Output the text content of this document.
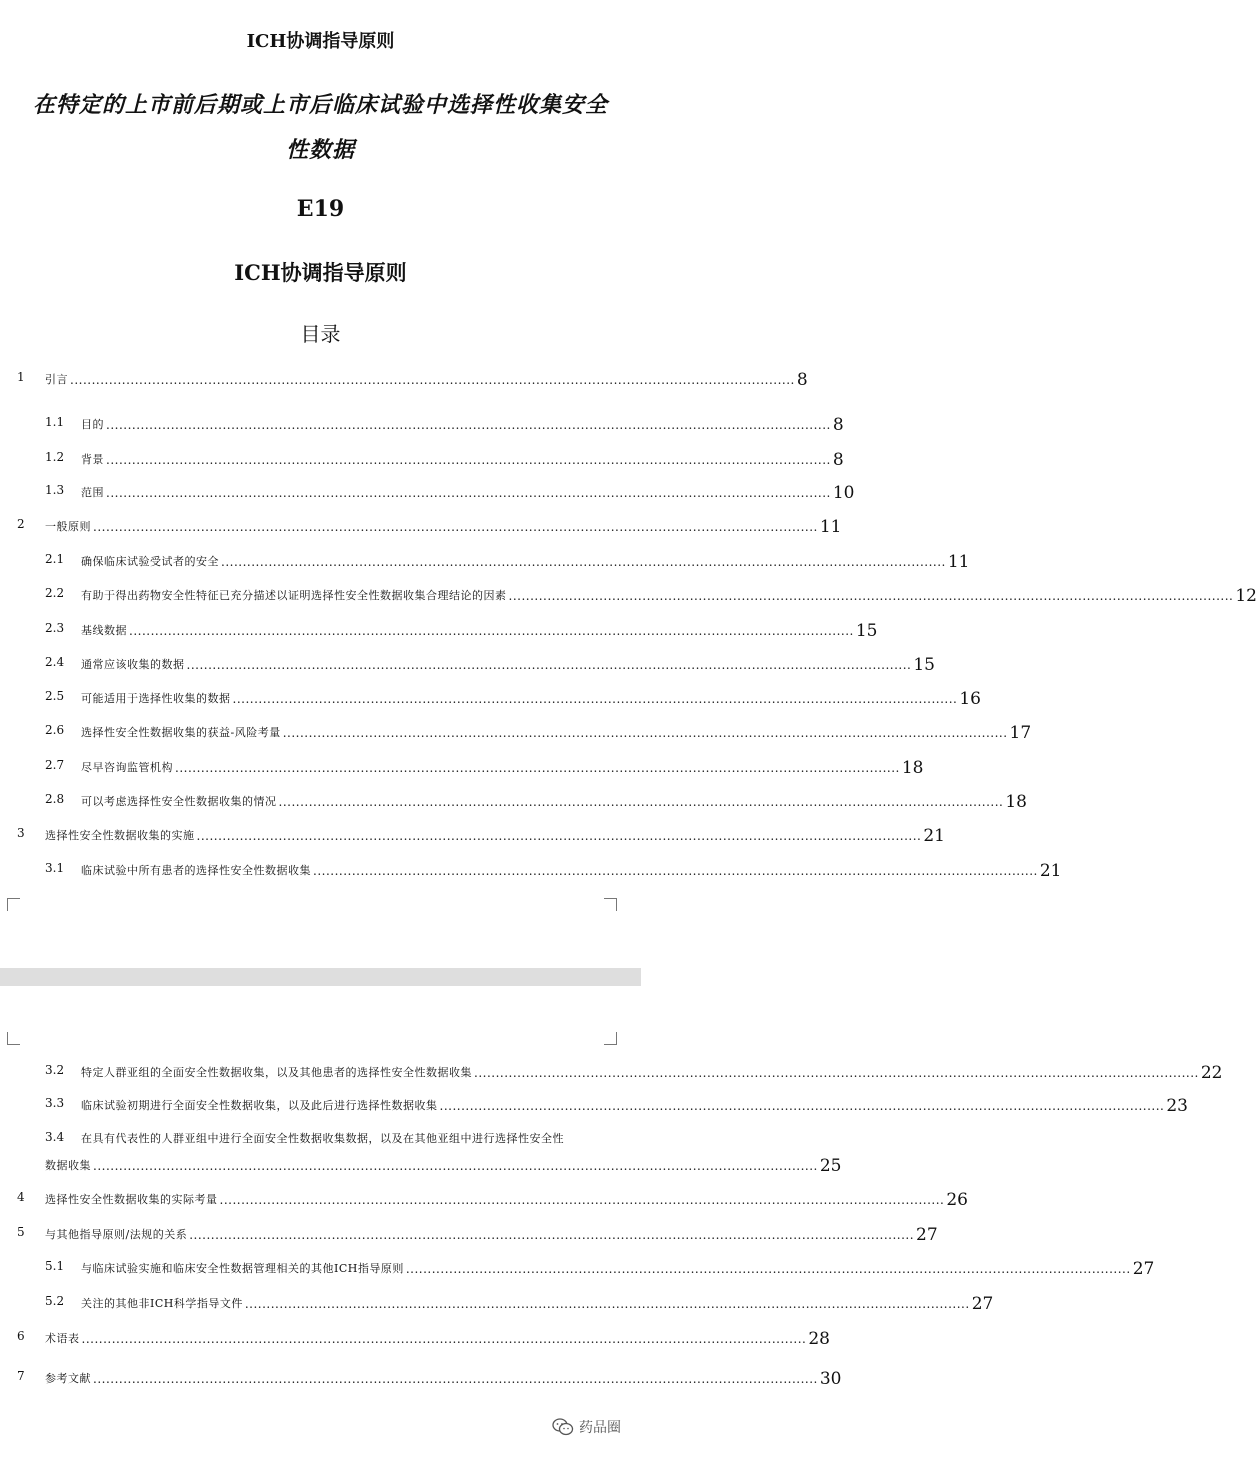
ICH协调指导原则
在特定的上市前后期或上市后临床试验中选择性收集安全
性数据
E19
ICH协调指导原则
目录
1 引言 ........................................................................................................................................................................ 8
1.1 目的 ........................................................................................................................................................................ 8
1.2 背景 ........................................................................................................................................................................ 8
1.3 范围 ........................................................................................................................................................................ 10
2 一般原则 ........................................................................................................................................................................ 11
2.1 确保临床试验受试者的安全 ........................................................................................................................................................................ 11
2.2 有助于得出药物安全性特征已充分描述以证明选择性安全性数据收集合理结论的因素 ........................................................................................................................................................................ 12
2.3 基线数据 ........................................................................................................................................................................ 15
2.4 通常应该收集的数据 ........................................................................................................................................................................ 15
2.5 可能适用于选择性收集的数据 ........................................................................................................................................................................ 16
2.6 选择性安全性数据收集的获益-风险考量 ........................................................................................................................................................................ 17
2.7 尽早咨询监管机构 ........................................................................................................................................................................ 18
2.8 可以考虑选择性安全性数据收集的情况 ........................................................................................................................................................................ 18
3 选择性安全性数据收集的实施 ........................................................................................................................................................................ 21
3.1 临床试验中所有患者的选择性安全性数据收集 ........................................................................................................................................................................ 21
3.2 特定人群亚组的全面安全性数据收集，以及其他患者的选择性安全性数据收集 ........................................................................................................................................................................ 22
3.3 临床试验初期进行全面安全性数据收集，以及此后进行选择性数据收集 ........................................................................................................................................................................ 23
3.4 在具有代表性的人群亚组中进行全面安全性数据收集数据，以及在其他亚组中进行选择性安全性
数据收集 ........................................................................................................................................................................ 25
4 选择性安全性数据收集的实际考量 ........................................................................................................................................................................ 26
5 与其他指导原则/法规的关系 ........................................................................................................................................................................ 27
5.1 与临床试验实施和临床安全性数据管理相关的其他ICH指导原则 ........................................................................................................................................................................ 27
5.2 关注的其他非ICH科学指导文件 ........................................................................................................................................................................ 27
6 术语表 ........................................................................................................................................................................ 28
7 参考文献 ........................................................................................................................................................................ 30
药品圈
